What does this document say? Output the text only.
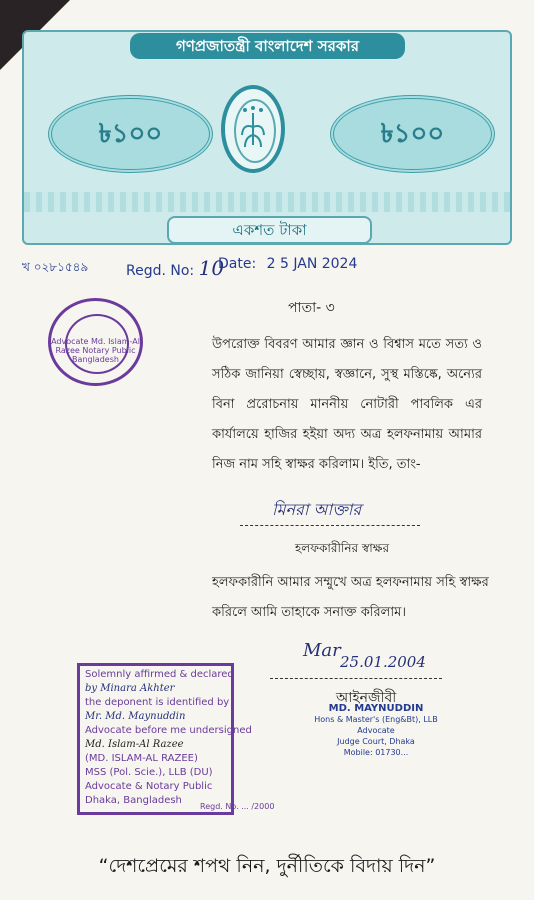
গণপ্রজাতন্ত্রী বাংলাদেশ সরকার
৳১০০	৳১০০
একশত টাকা
খ ০২৮১৫৪৯	Regd. No: 10
Date: 2 5 JAN 2024
Advocate Md. Islam-Al Razee Notary Public Bangladesh
পাতা- ৩
উপরোক্ত বিবরণ আমার জ্ঞান ও বিশ্বাস মতে সত্য ও সঠিক জানিয়া স্বেচ্ছায়, স্বজ্ঞানে, সুস্থ মস্তিষ্কে, অন্যের বিনা প্ররোচনায় মাননীয় নোটারী পাবলিক এর কার্যালয়ে হাজির হইয়া অদ্য অত্র হলফনামায় আমার নিজ নাম সহি স্বাক্ষর করিলাম। ইতি, তাং-
মিনরা আক্তার
হলফকারীনির স্বাক্ষর
হলফকারীনি আমার সম্মুখে অত্র হলফনামায় সহি স্বাক্ষর করিলে আমি তাহাকে সনাক্ত করিলাম।
Mar
25.01.2004
আইনজীবী
MD. MAYNUDDIN
Hons & Master's (Eng&Bt), LLB
Advocate
Judge Court, Dhaka
Mobile: 01730...
Solemnly affirmed & declared
by Minara Akhter
the deponent is identified by
Mr. Md. Maynuddin
Advocate before me undersigned
Md. Islam-Al Razee
(MD. ISLAM-AL RAZEE)
MSS (Pol. Scie.), LLB (DU)
Advocate & Notary Public
Dhaka, Bangladesh
Regd. No. ... /2000
“দেশপ্রেমের শপথ নিন, দুর্নীতিকে বিদায় দিন”
